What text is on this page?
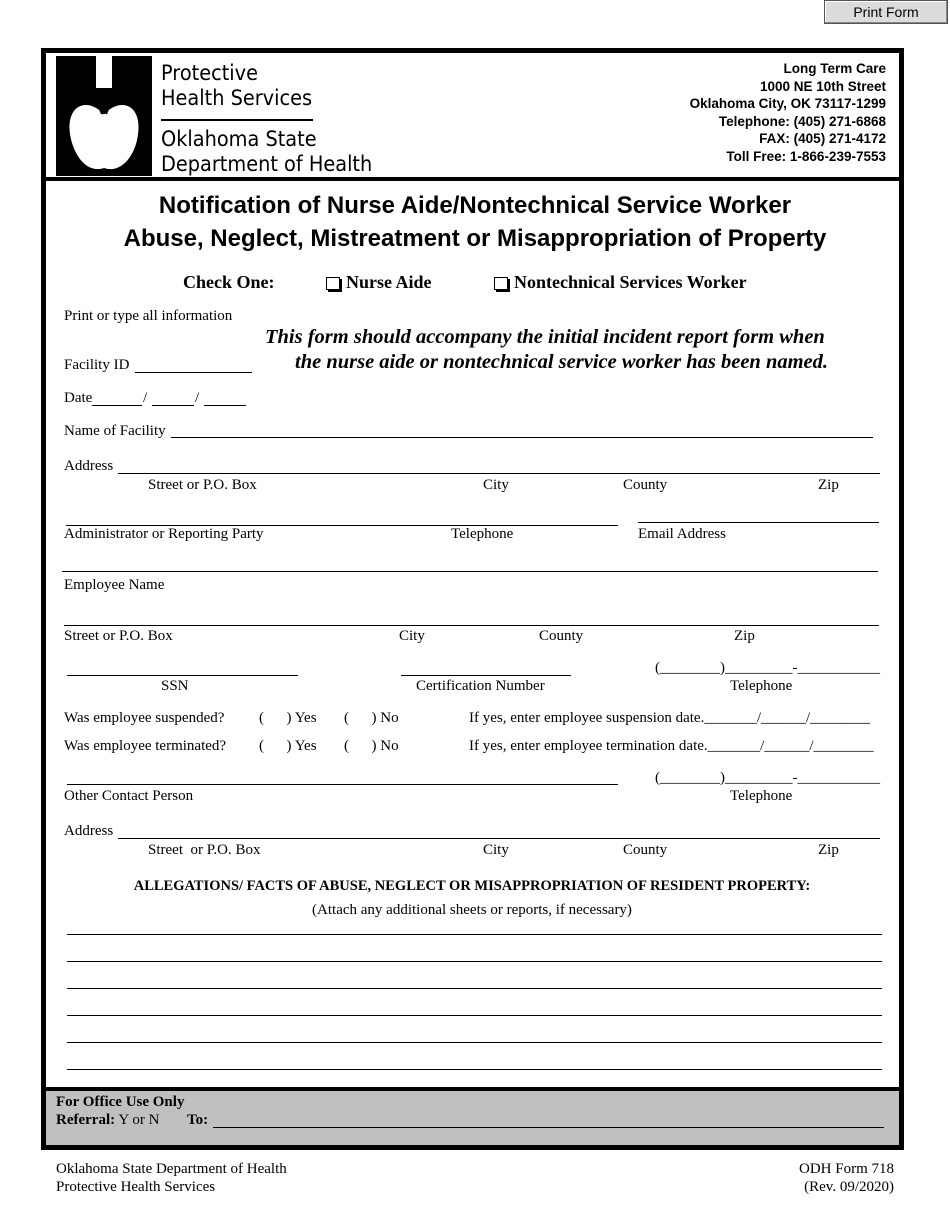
Print Form
Protective
Health Services
Oklahoma State
Department of Health
Long Term Care
1000 NE 10th Street
Oklahoma City, OK 73117-1299
Telephone: (405) 271-6868
FAX: (405) 271-4172
Toll Free: 1-866-239-7553
Notification of Nurse Aide/Nontechnical Service Worker
Abuse, Neglect, Mistreatment or Misappropriation of Property
Check One:	Nurse Aide	Nontechnical Services Worker
Print or type all information
This form should accompany the initial incident report form when
the nurse aide or nontechnical service worker has been named.
Facility ID
Date	/	/
Name of Facility
Address
Street or P.O. Box	City	County	Zip
Administrator or Reporting Party	Telephone	Email Address
Employee Name
Street or P.O. Box	City	County	Zip
(________)_________-___________
SSN	Certification Number	Telephone
Was employee suspended? ( ) Yes ( ) No	If yes, enter employee suspension date._______/______/________
Was employee terminated? ( ) Yes ( ) No	If yes, enter employee termination date._______/______/________
(________)_________-___________
Other Contact Person	Telephone
Address
Street  or P.O. Box	City	County	Zip
ALLEGATIONS/ FACTS OF ABUSE, NEGLECT OR MISAPPROPRIATION OF RESIDENT PROPERTY:
(Attach any additional sheets or reports, if necessary)
For Office Use Only
Referral: Y or N To:
Oklahoma State Department of Health
Protective Health Services
ODH Form 718
(Rev. 09/2020)
